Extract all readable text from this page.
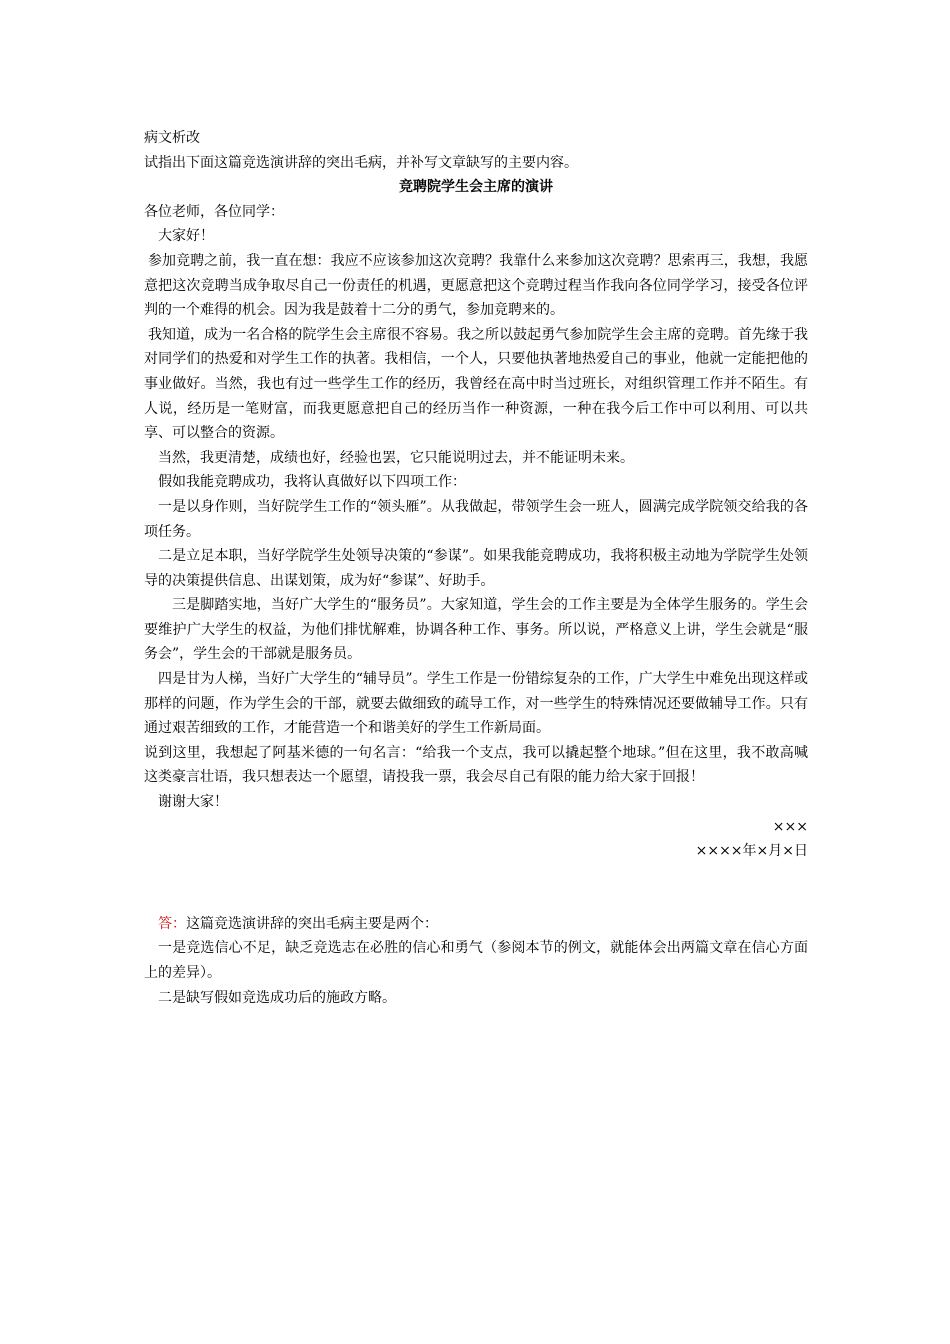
病文析改

试指出下面这篇竞选演讲辞的突出毛病，并补写文章缺写的主要内容。

竞聘院学生会主席的演讲

各位老师，各位同学：

大家好！

参加竞聘之前，我一直在想：我应不应该参加这次竞聘？我靠什么来参加这次竞聘？思索再三，我想，我愿意把这次竞聘当成争取尽自己一份责任的机遇，更愿意把这个竞聘过程当作我向各位同学学习，接受各位评判的一个难得的机会。因为我是鼓着十二分的勇气，参加竞聘来的。

我知道，成为一名合格的院学生会主席很不容易。我之所以鼓起勇气参加院学生会主席的竞聘。首先缘于我对同学们的热爱和对学生工作的执著。我相信，一个人，只要他执著地热爱自己的事业，他就一定能把他的事业做好。当然，我也有过一些学生工作的经历，我曾经在高中时当过班长，对组织管理工作并不陌生。有人说，经历是一笔财富，而我更愿意把自己的经历当作一种资源，一种在我今后工作中可以利用、可以共享、可以整合的资源。

当然，我更清楚，成绩也好，经验也罢，它只能说明过去，并不能证明未来。

假如我能竞聘成功，我将认真做好以下四项工作：

一是以身作则，当好院学生工作的“领头雁”。从我做起，带领学生会一班人，圆满完成学院领交给我的各项任务。

二是立足本职，当好学院学生处领导决策的“参谋”。如果我能竞聘成功，我将积极主动地为学院学生处领导的决策提供信息、出谋划策，成为好“参谋”、好助手。

三是脚踏实地，当好广大学生的“服务员”。大家知道，学生会的工作主要是为全体学生服务的。学生会要维护广大学生的权益，为他们排忧解难，协调各种工作、事务。所以说，严格意义上讲，学生会就是“服务会”，学生会的干部就是服务员。

四是甘为人梯，当好广大学生的“辅导员”。学生工作是一份错综复杂的工作，广大学生中难免出现这样或那样的问题，作为学生会的干部，就要去做细致的疏导工作，对一些学生的特殊情况还要做辅导工作。只有通过艰苦细致的工作，才能营造一个和谐美好的学生工作新局面。

说到这里，我想起了阿基米德的一句名言：“给我一个支点，我可以撬起整个地球。”但在这里，我不敢高喊这类豪言壮语，我只想表达一个愿望，请投我一票，我会尽自己有限的能力给大家于回报！

谢谢大家！

×××

××××年×月×日

答：这篇竞选演讲辞的突出毛病主要是两个：

一是竞选信心不足，缺乏竞选志在必胜的信心和勇气（参阅本节的例文，就能体会出两篇文章在信心方面上的差异）。

二是缺写假如竞选成功后的施政方略。
